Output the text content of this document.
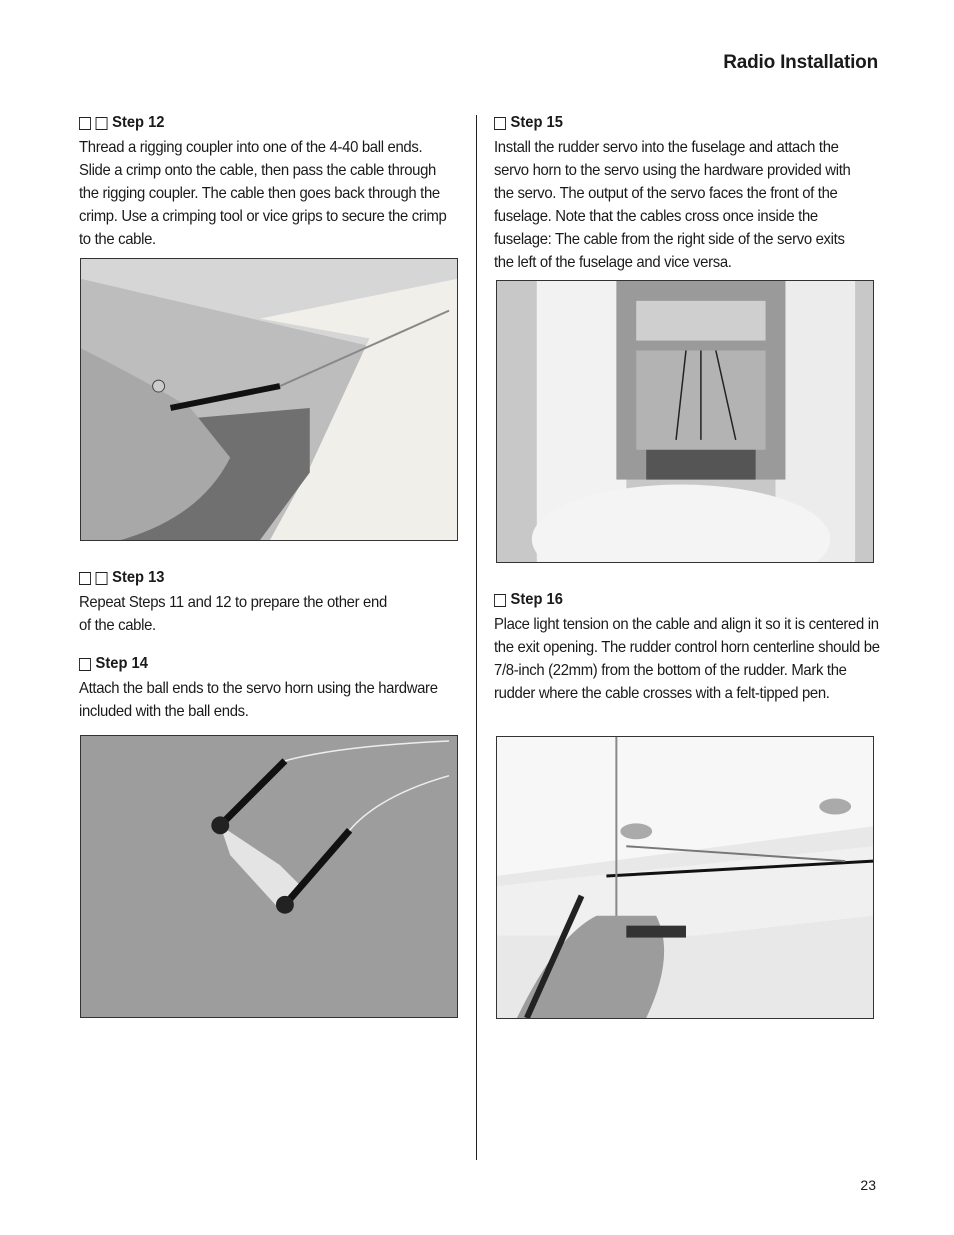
Radio Installation
Step 12
Thread a rigging coupler into one of the 4-40 ball ends. Slide a crimp onto the cable, then pass the cable through the rigging coupler. The cable then goes back through the crimp. Use a crimping tool or vice grips to secure the crimp to the cable.
Step 13
Repeat Steps 11 and 12 to prepare the other end of the cable.
Step 14
Attach the ball ends to the servo horn using the hardware included with the ball ends.
Step 15
Install the rudder servo into the fuselage and attach the servo horn to the servo using the hardware provided with the servo. The output of the servo faces the front of the fuselage. Note that the cables cross once inside the fuselage: The cable from the right side of the servo exits the left of the fuselage and vice versa.
Step 16
Place light tension on the cable and align it so it is centered in the exit opening. The rudder control horn centerline should be 7/8-inch (22mm) from the bottom of the rudder. Mark the rudder where the cable crosses with a felt-tipped pen.
23
